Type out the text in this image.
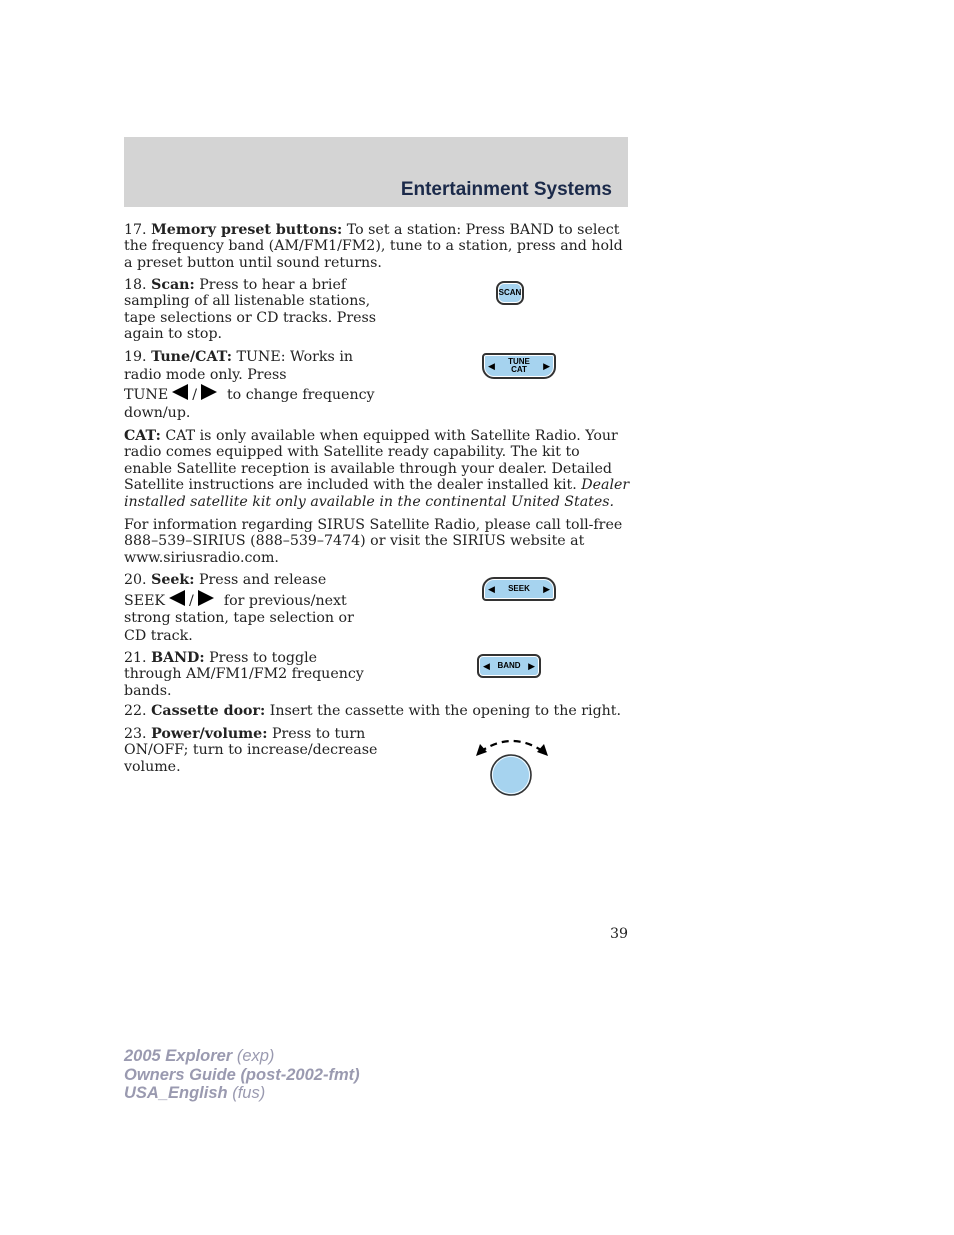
Entertainment Systems
17. Memory preset buttons: To set a station: Press BAND to select the frequency band (AM/FM1/FM2), tune to a station, press and hold a preset button until sound returns.
18. Scan: Press to hear a brief sampling of all listenable stations, tape selections or CD tracks. Press again to stop.
SCAN
19. Tune/CAT: TUNE: Works in radio mode only. Press
TUNE / to change frequency down/up.
◀	TUNE
CAT	▶
CAT: CAT is only available when equipped with Satellite Radio. Your radio comes equipped with Satellite ready capability. The kit to enable Satellite reception is available through your dealer. Detailed Satellite instructions are included with the dealer installed kit. Dealer installed satellite kit only available in the continental United States.
For information regarding SIRUS Satellite Radio, please call toll-free 888–539–SIRIUS (888–539–7474) or visit the SIRIUS website at www.siriusradio.com.
20. Seek: Press and release
SEEK / for previous/next strong station, tape selection or CD track.
◀	SEEK	▶
21. BAND: Press to toggle through AM/FM1/FM2 frequency bands.
◀ BAND ▶
22. Cassette door: Insert the cassette with the opening to the right.
23. Power/volume: Press to turn ON/OFF; turn to increase/decrease volume.
39
2005 Explorer (exp)
Owners Guide (post-2002-fmt)
USA_English (fus)
